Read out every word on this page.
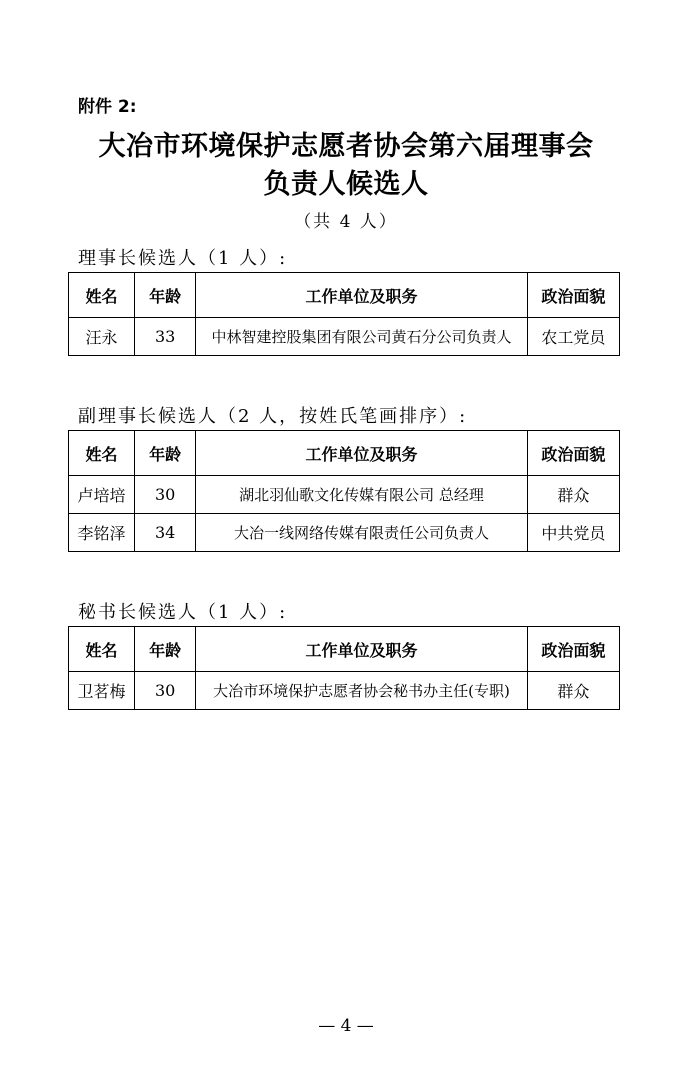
附件 2:
大冶市环境保护志愿者协会第六届理事会
负责人候选人
（共 4 人）
理事长候选人（1 人）:
姓名	年龄	工作单位及职务	政治面貌
汪永	33	中林智建控股集团有限公司黄石分公司负责人	农工党员
副理事长候选人（2 人，按姓氏笔画排序）:
姓名	年龄	工作单位及职务	政治面貌
卢培培	30	湖北羽仙歌文化传媒有限公司 总经理	群众
李铭泽	34	大冶一线网络传媒有限责任公司负责人	中共党员
秘书长候选人（1 人）:
姓名	年龄	工作单位及职务	政治面貌
卫茗梅	30	大冶市环境保护志愿者协会秘书办主任(专职)	群众
— 4 —
